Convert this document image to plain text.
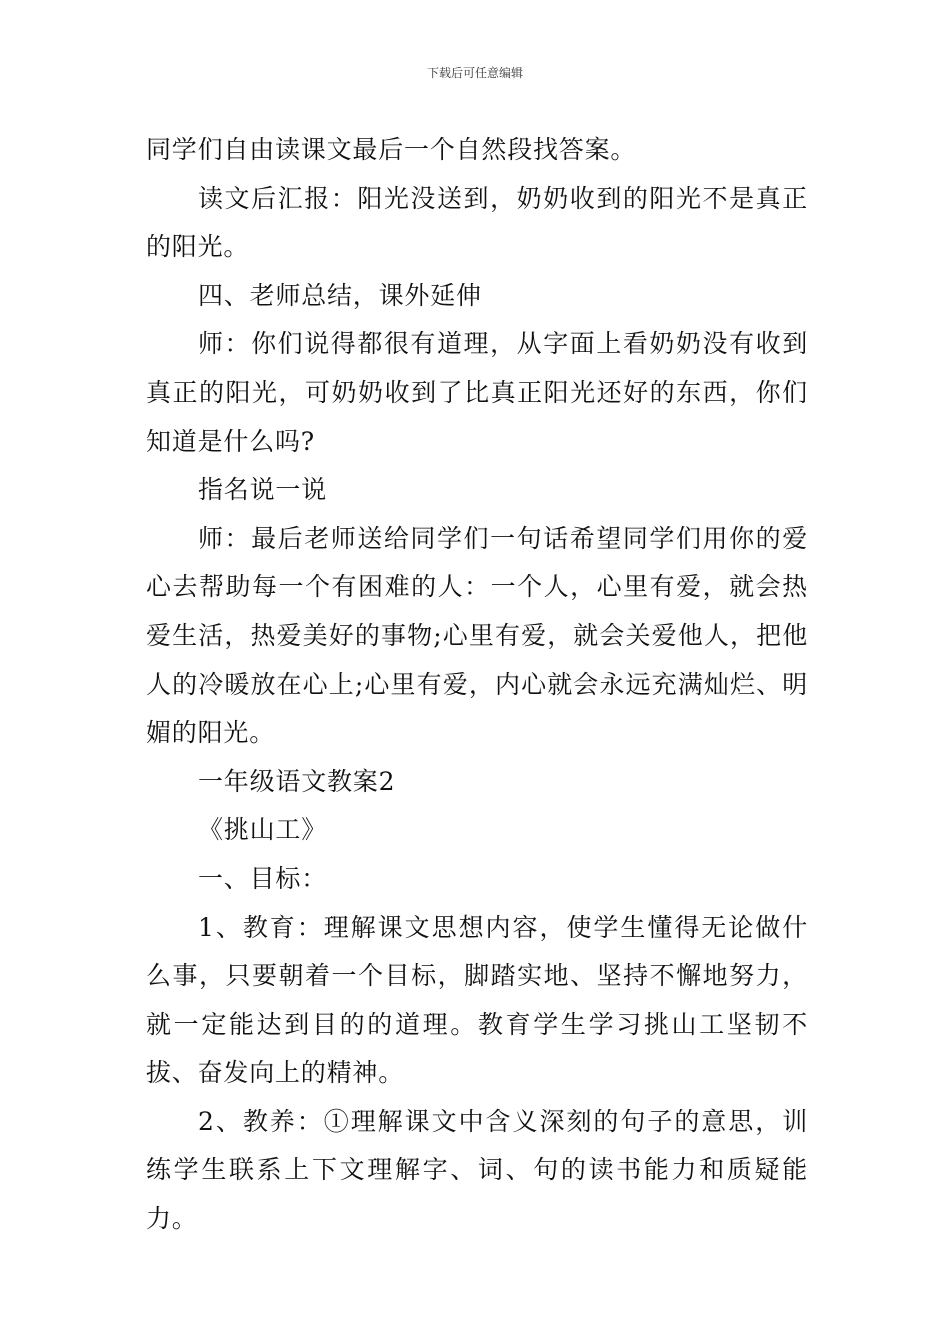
下载后可任意编辑

同学们自由读课文最后一个自然段找答案。

读文后汇报：阳光没送到，奶奶收到的阳光不是真正的阳光。

四、老师总结，课外延伸

师：你们说得都很有道理，从字面上看奶奶没有收到真正的阳光，可奶奶收到了比真正阳光还好的东西，你们知道是什么吗?

指名说一说

师：最后老师送给同学们一句话希望同学们用你的爱心去帮助每一个有困难的人：一个人，心里有爱，就会热爱生活，热爱美好的事物;心里有爱，就会关爱他人，把他人的冷暖放在心上;心里有爱，内心就会永远充满灿烂、明媚的阳光。

一年级语文教案2

《挑山工》

一、目标：

1、教育：理解课文思想内容，使学生懂得无论做什么事，只要朝着一个目标，脚踏实地、坚持不懈地努力，就一定能达到目的的道理。教育学生学习挑山工坚韧不拔、奋发向上的精神。

2、教养：①理解课文中含义深刻的句子的意思，训练学生联系上下文理解字、词、句的读书能力和质疑能力。
